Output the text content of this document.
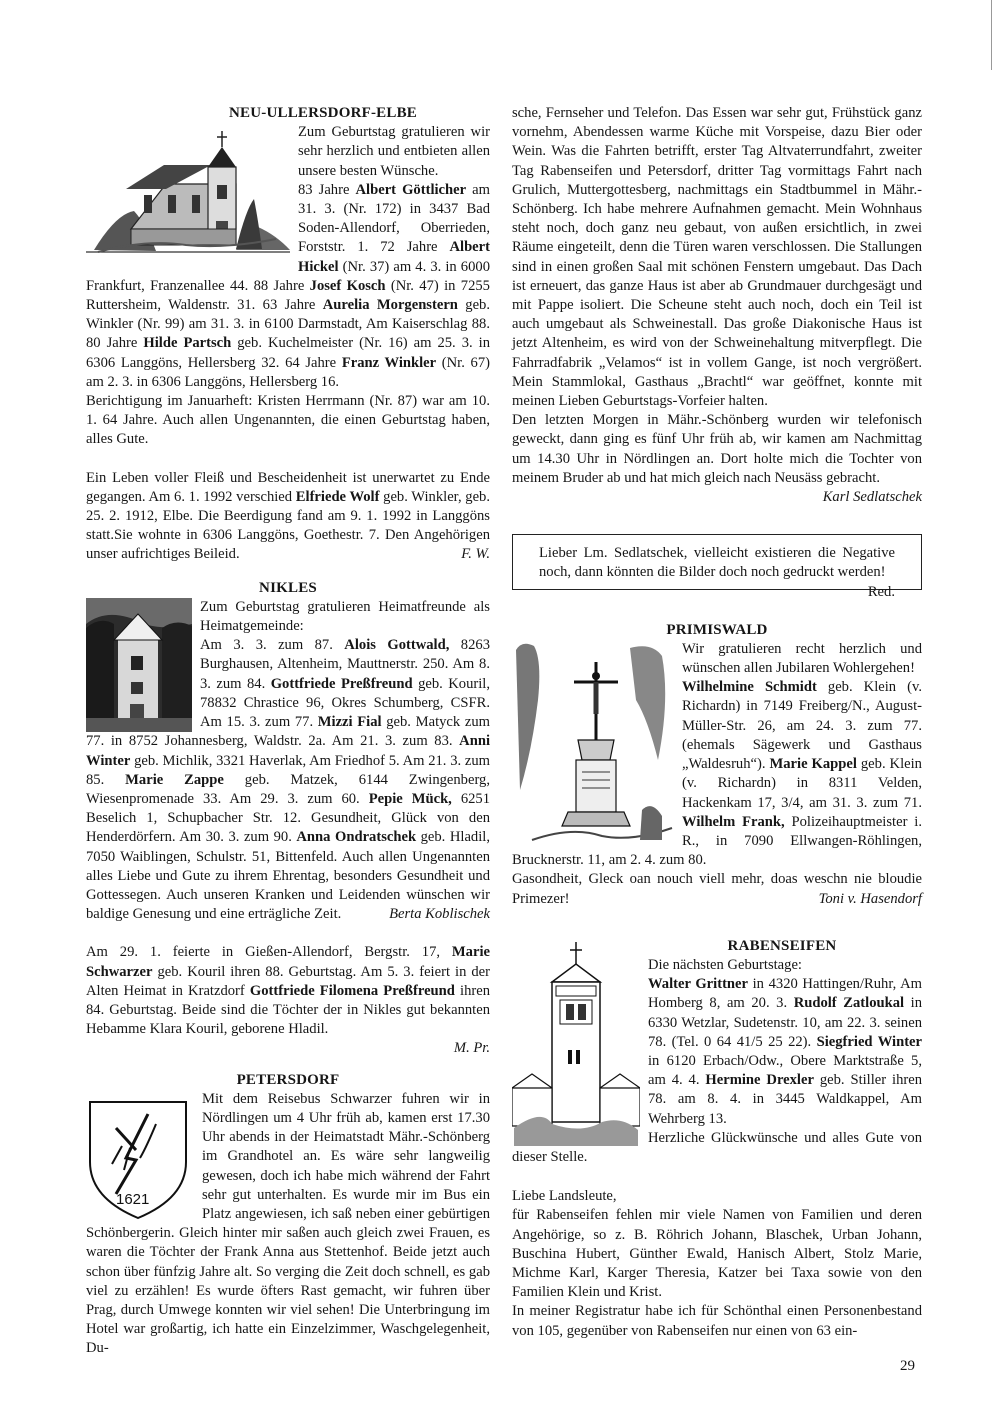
NEU-ULLERSDORF-ELBE

Zum Geburtstag gratulieren wir sehr herzlich und entbieten allen unsere besten Wünsche.

83 Jahre Albert Göttlicher am 31. 3. (Nr. 172) in 3437 Bad Soden-Allendorf, Oberrieden, Forststr. 1. 72 Jahre Albert Hickel (Nr. 37) am 4. 3. in 6000 Frankfurt, Franzenallee 44. 88 Jahre Josef Kosch (Nr. 47) in 7255 Ruttersheim, Waldenstr. 31. 63 Jahre Aurelia Morgenstern geb. Winkler (Nr. 99) am 31. 3. in 6100 Darmstadt, Am Kaiserschlag 88. 80 Jahre Hilde Partsch geb. Kuchelmeister (Nr. 16) am 25. 3. in 6306 Langgöns, Hellersberg 32. 64 Jahre Franz Winkler (Nr. 67) am 2. 3. in 6306 Langgöns, Hellersberg 16.

Berichtigung im Januarheft: Kristen Herrmann (Nr. 87) war am 10. 1. 64 Jahre. Auch allen Ungenannten, die einen Geburtstag haben, alles Gute.

Ein Leben voller Fleiß und Bescheidenheit ist unerwartet zu Ende gegangen. Am 6. 1. 1992 verschied Elfriede Wolf geb. Winkler, geb. 25. 2. 1912, Elbe. Die Beerdigung fand am 9. 1. 1992 in Langgöns statt.Sie wohnte in 6306 Langgöns, Goethestr. 7. Den Angehörigen unser aufrichtiges Beileid.	F. W.

NIKLES

Zum Geburtstag gratulieren Heimatfreunde als Heimatgemeinde:

Am 3. 3. zum 87. Alois Gottwald, 8263 Burghausen, Altenheim, Mauttnerstr. 250. Am 8. 3. zum 84. Gottfriede Preßfreund geb. Kouril, 78832 Chrastice 96, Okres Schumberg, CSFR. Am 15. 3. zum 77. Mizzi Fial geb. Matyck zum 77. in 8752 Johannesberg, Waldstr. 2a. Am 21. 3. zum 83. Anni Winter geb. Michlik, 3321 Haverlak, Am Friedhof 5. Am 21. 3. zum 85. Marie Zappe geb. Matzek, 6144 Zwingenberg, Wiesenpromenade 33. Am 29. 3. zum 60. Pepie Mück, 6251 Beselich 1, Schupbacher Str. 12. Gesundheit, Glück von den Henderdörfern. Am 30. 3. zum 90. Anna Ondratschek geb. Hladil, 7050 Waiblingen, Schulstr. 51, Bittenfeld. Auch allen Ungenannten alles Liebe und Gute zu ihrem Ehrentag, besonders Gesundheit und Gottessegen. Auch unseren Kranken und Leidenden wünschen wir baldige Genesung und eine erträgliche Zeit.	Berta Koblischek

Am 29. 1. feierte in Gießen-Allendorf, Bergstr. 17, Marie Schwarzer geb. Kouril ihren 88. Geburtstag. Am 5. 3. feiert in der Alten Heimat in Kratzdorf Gottfriede Filomena Preßfreund ihren 84. Geburtstag. Beide sind die Töchter der in Nikles gut bekannten Hebamme Klara Kouril, geborene Hladil.

M. Pr.

PETERSDORF

1621

Mit dem Reisebus Schwarzer fuhren wir in Nördlingen um 4 Uhr früh ab, kamen erst 17.30 Uhr abends in der Heimatstadt Mähr.-Schönberg im Grandhotel an. Es wäre sehr langweilig gewesen, doch ich habe mich während der Fahrt sehr gut unterhalten. Es wurde mir im Bus ein Platz angewiesen, ich saß neben einer gebürtigen Schönbergerin. Gleich hinter mir saßen auch gleich zwei Frauen, es waren die Töchter der Frank Anna aus Stettenhof. Beide jetzt auch schon über fünfzig Jahre alt. So verging die Zeit doch schnell, es gab viel zu erzählen! Es wurde öfters Rast gemacht, wir fuhren über Prag, durch Umwege konnten wir viel sehen! Die Unterbringung im Hotel war großartig, ich hatte ein Einzelzimmer, Waschgelegenheit, Du-

sche, Fernseher und Telefon. Das Essen war sehr gut, Frühstück ganz vornehm, Abendessen warme Küche mit Vorspeise, dazu Bier oder Wein. Was die Fahrten betrifft, erster Tag Altvaterrundfahrt, zweiter Tag Rabenseifen und Petersdorf, dritter Tag vormittags Fahrt nach Grulich, Muttergottesberg, nachmittags ein Stadtbummel in Mähr.-Schönberg. Ich habe mehrere Aufnahmen gemacht. Mein Wohnhaus steht noch, doch ganz neu gebaut, von außen ersichtlich, in zwei Räume eingeteilt, denn die Türen waren verschlossen. Die Stallungen sind in einen großen Saal mit schönen Fenstern umgebaut. Das Dach ist erneuert, das ganze Haus ist aber ab Grundmauer durchgesägt und mit Pappe isoliert. Die Scheune steht auch noch, doch ein Teil ist auch umgebaut als Schweinestall. Das große Diakonische Haus ist jetzt Altenheim, es wird von der Schweinehaltung mitverpflegt. Die Fahrradfabrik „Velamos“ ist in vollem Gange, ist noch vergrößert. Mein Stammlokal, Gasthaus „Brachtl“ war geöffnet, konnte mit meinen Lieben Geburtstags-Vorfeier halten.

Den letzten Morgen in Mähr.-Schönberg wurden wir telefonisch geweckt, dann ging es fünf Uhr früh ab, wir kamen am Nachmittag um 14.30 Uhr in Nördlingen an. Dort holte mich die Tochter von meinem Bruder ab und hat mich gleich nach Neusäss gebracht.
Karl Sedlatschek

Lieber Lm. Sedlatschek, vielleicht existieren die Negative noch, dann könnten die Bilder doch noch gedruckt werden!
Red.

PRIMISWALD

Wir gratulieren recht herzlich und wünschen allen Jubilaren Wohlergehen!

Wilhelmine Schmidt geb. Klein (v. Richardn) in 7149 Freiberg/N., August-Müller-Str. 26, am 24. 3. zum 77. (ehemals Sägewerk und Gasthaus „Waldesruh“). Marie Kappel geb. Klein (v. Richardn) in 8311 Velden, Hackenkam 17, 3/4, am 31. 3. zum 71. Wilhelm Frank, Polizeihauptmeister i. R., in 7090 Ellwangen-Röhlingen, Brucknerstr. 11, am 2. 4. zum 80.

Gasondheit, Gleck oan nouch viell mehr, doas weschn nie bloudie Primezer!	Toni v. Hasendorf

RABENSEIFEN

Die nächsten Geburtstage:

Walter Grittner in 4320 Hattingen/Ruhr, Am Homberg 8, am 20. 3. Rudolf Zatloukal in 6330 Wetzlar, Sudetenstr. 10, am 22. 3. seinen 78. (Tel. 0 64 41/5 25 22). Siegfried Winter in 6120 Erbach/Odw., Obere Marktstraße 5, am 4. 4. Hermine Drexler geb. Stiller ihren 78. am 8. 4. in 3445 Waldkappel, Am Wehrberg 13.

Herzliche Glückwünsche und alles Gute von dieser Stelle.

Liebe Landsleute,

für Rabenseifen fehlen mir viele Namen von Familien und deren Angehörige, so z. B. Röhrich Johann, Blaschek, Urban Johann, Buschina Hubert, Günther Ewald, Hanisch Albert, Stolz Marie, Michme Karl, Karger Theresia, Katzer bei Taxa sowie von den Familien Klein und Krist.

In meiner Registratur habe ich für Schönthal einen Personenbestand von 105, gegenüber von Rabenseifen nur einen von 63 ein-

29
